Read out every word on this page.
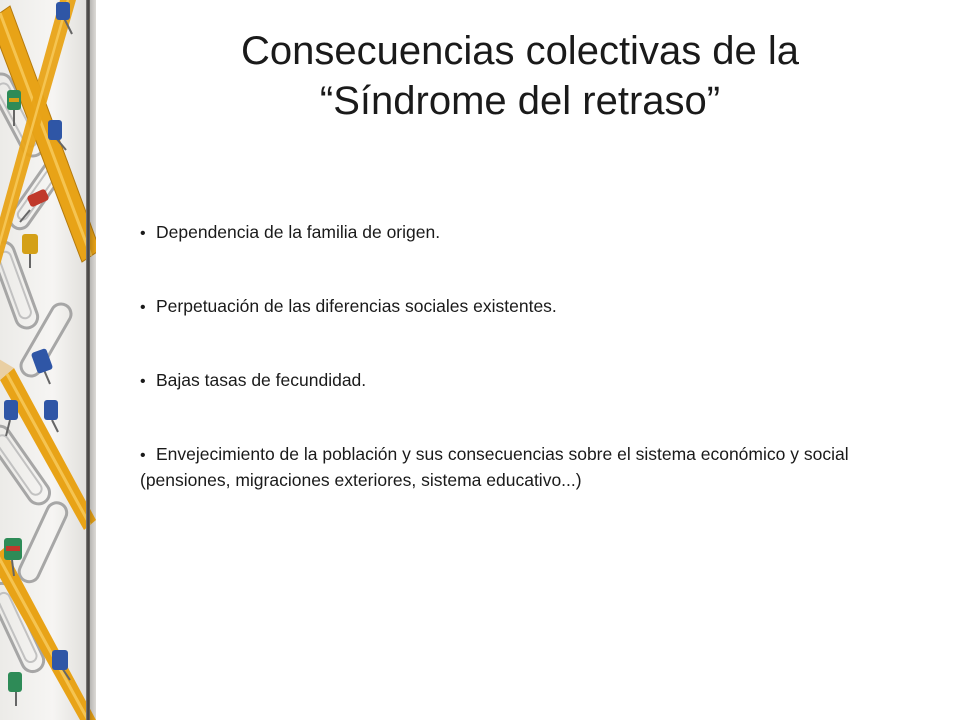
Consecuencias colectivas de la
“Síndrome del retraso”
• Dependencia de la familia de origen.
• Perpetuación de las diferencias sociales existentes.
• Bajas tasas de fecundidad.
• Envejecimiento de la población y sus consecuencias sobre el sistema económico y social (pensiones, migraciones exteriores, sistema educativo...)
